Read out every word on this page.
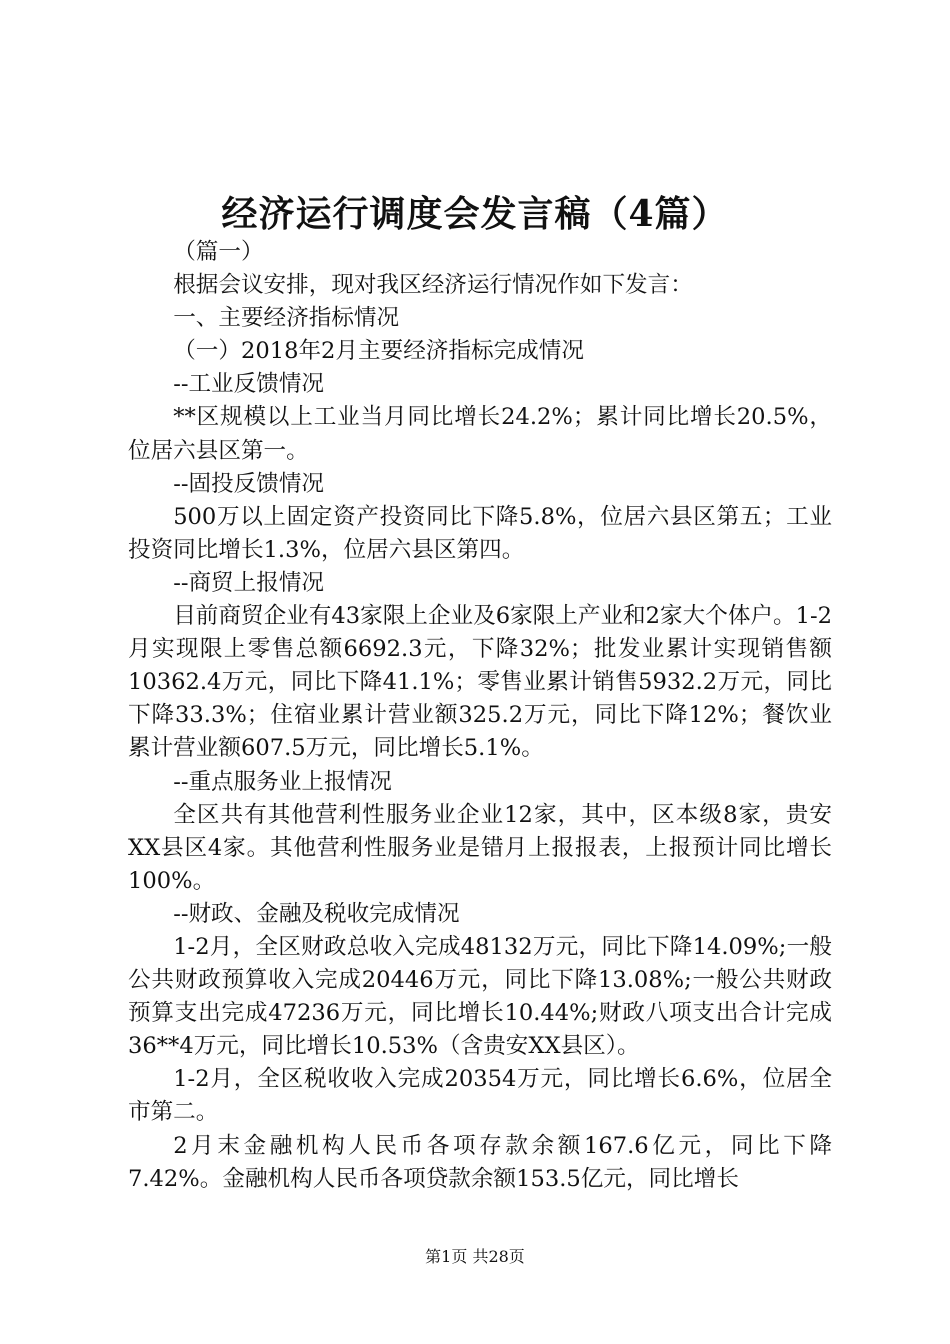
经济运行调度会发言稿（4篇）

（篇一）

根据会议安排，现对我区经济运行情况作如下发言：

一、主要经济指标情况

（一）2018年2月主要经济指标完成情况

--工业反馈情况

**区规模以上工业当月同比增长24.2%；累计同比增长20.5%，位居六县区第一。

--固投反馈情况

500万以上固定资产投资同比下降5.8%，位居六县区第五；工业投资同比增长1.3%，位居六县区第四。

--商贸上报情况

目前商贸企业有43家限上企业及6家限上产业和2家大个体户。1-2月实现限上零售总额6692.3元，下降32%；批发业累计实现销售额10362.4万元，同比下降41.1%；零售业累计销售5932.2万元，同比下降33.3%；住宿业累计营业额325.2万元，同比下降12%；餐饮业累计营业额607.5万元，同比增长5.1%。

--重点服务业上报情况

全区共有其他营利性服务业企业12家，其中，区本级8家，贵安XX县区4家。其他营利性服务业是错月上报报表，上报预计同比增长100%。

--财政、金融及税收完成情况

1-2月，全区财政总收入完成48132万元，同比下降14.09%;一般公共财政预算收入完成20446万元，同比下降13.08%;一般公共财政预算支出完成47236万元，同比增长10.44%;财政八项支出合计完成36**4万元，同比增长10.53%（含贵安XX县区）。

1-2月，全区税收收入完成20354万元，同比增长6.6%，位居全市第二。

2月末金融机构人民币各项存款余额167.6亿元，同比下降7.42%。金融机构人民币各项贷款余额153.5亿元，同比增长

第1页 共28页
